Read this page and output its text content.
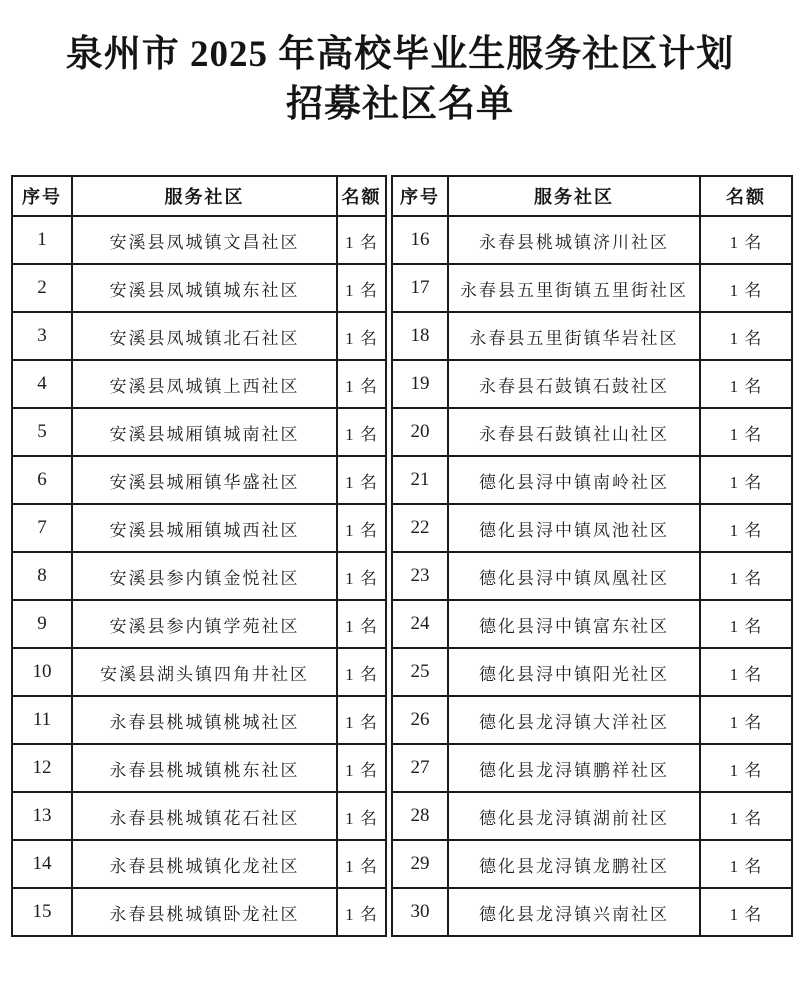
泉州市 2025 年高校毕业生服务社区计划
招募社区名单
序号	服务社区	名额
1	安溪县凤城镇文昌社区	1 名
2	安溪县凤城镇城东社区	1 名
3	安溪县凤城镇北石社区	1 名
4	安溪县凤城镇上西社区	1 名
5	安溪县城厢镇城南社区	1 名
6	安溪县城厢镇华盛社区	1 名
7	安溪县城厢镇城西社区	1 名
8	安溪县参内镇金悦社区	1 名
9	安溪县参内镇学苑社区	1 名
10	安溪县湖头镇四角井社区	1 名
11	永春县桃城镇桃城社区	1 名
12	永春县桃城镇桃东社区	1 名
13	永春县桃城镇花石社区	1 名
14	永春县桃城镇化龙社区	1 名
15	永春县桃城镇卧龙社区	1 名
序号	服务社区	名额
16	永春县桃城镇济川社区	1 名
17	永春县五里街镇五里街社区	1 名
18	永春县五里街镇华岩社区	1 名
19	永春县石鼓镇石鼓社区	1 名
20	永春县石鼓镇社山社区	1 名
21	德化县浔中镇南岭社区	1 名
22	德化县浔中镇凤池社区	1 名
23	德化县浔中镇凤凰社区	1 名
24	德化县浔中镇富东社区	1 名
25	德化县浔中镇阳光社区	1 名
26	德化县龙浔镇大洋社区	1 名
27	德化县龙浔镇鹏祥社区	1 名
28	德化县龙浔镇湖前社区	1 名
29	德化县龙浔镇龙鹏社区	1 名
30	德化县龙浔镇兴南社区	1 名
